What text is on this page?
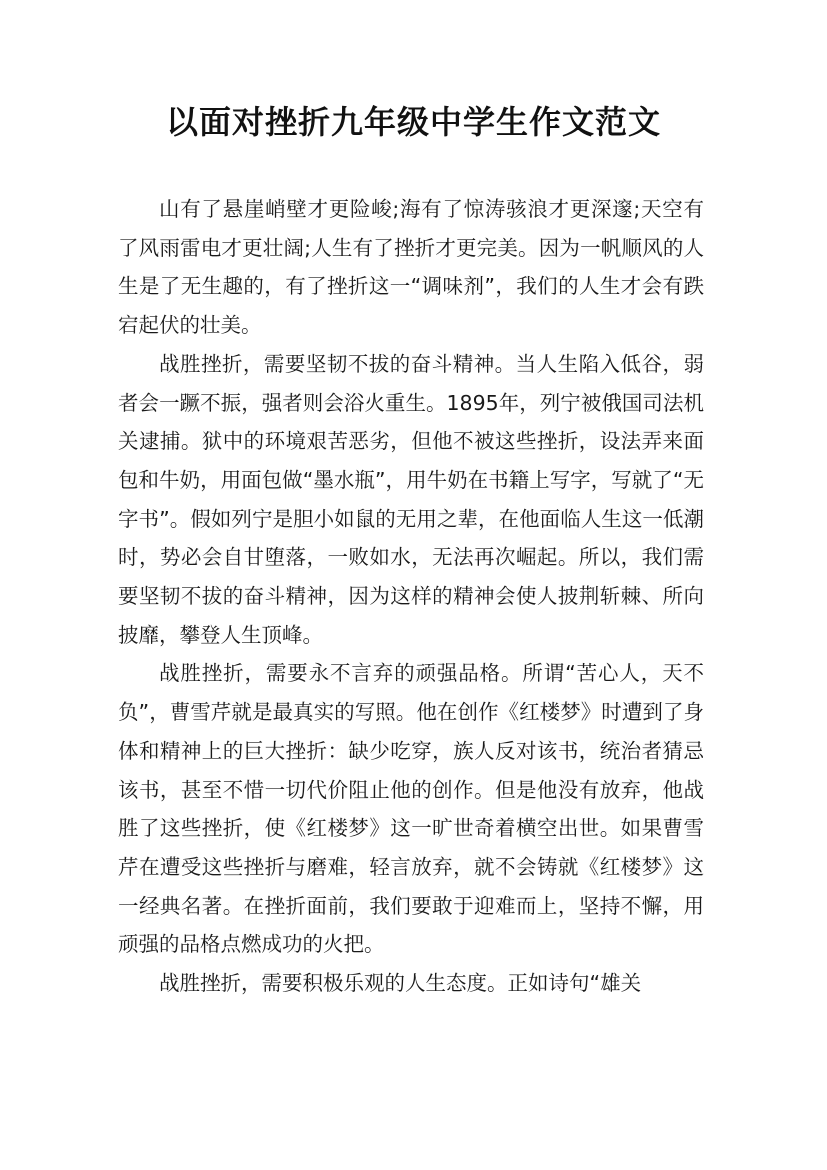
以面对挫折九年级中学生作文范文

山有了悬崖峭壁才更险峻;海有了惊涛骇浪才更深邃;天空有了风雨雷电才更壮阔;人生有了挫折才更完美。因为一帆顺风的人生是了无生趣的，有了挫折这一“调味剂”，我们的人生才会有跌宕起伏的壮美。

战胜挫折，需要坚韧不拔的奋斗精神。当人生陷入低谷，弱者会一蹶不振，强者则会浴火重生。1895年，列宁被俄国司法机关逮捕。狱中的环境艰苦恶劣，但他不被这些挫折，设法弄来面包和牛奶，用面包做“墨水瓶”，用牛奶在书籍上写字，写就了“无字书”。假如列宁是胆小如鼠的无用之辈，在他面临人生这一低潮时，势必会自甘堕落，一败如水，无法再次崛起。所以，我们需要坚韧不拔的奋斗精神，因为这样的精神会使人披荆斩棘、所向披靡，攀登人生顶峰。

战胜挫折，需要永不言弃的顽强品格。所谓“苦心人，天不负”，曹雪芹就是最真实的写照。他在创作《红楼梦》时遭到了身体和精神上的巨大挫折：缺少吃穿，族人反对该书，统治者猜忌该书，甚至不惜一切代价阻止他的创作。但是他没有放弃，他战胜了这些挫折，使《红楼梦》这一旷世奇着横空出世。如果曹雪芹在遭受这些挫折与磨难，轻言放弃，就不会铸就《红楼梦》这一经典名著。在挫折面前，我们要敢于迎难而上，坚持不懈，用顽强的品格点燃成功的火把。

战胜挫折，需要积极乐观的人生态度。正如诗句“雄关
